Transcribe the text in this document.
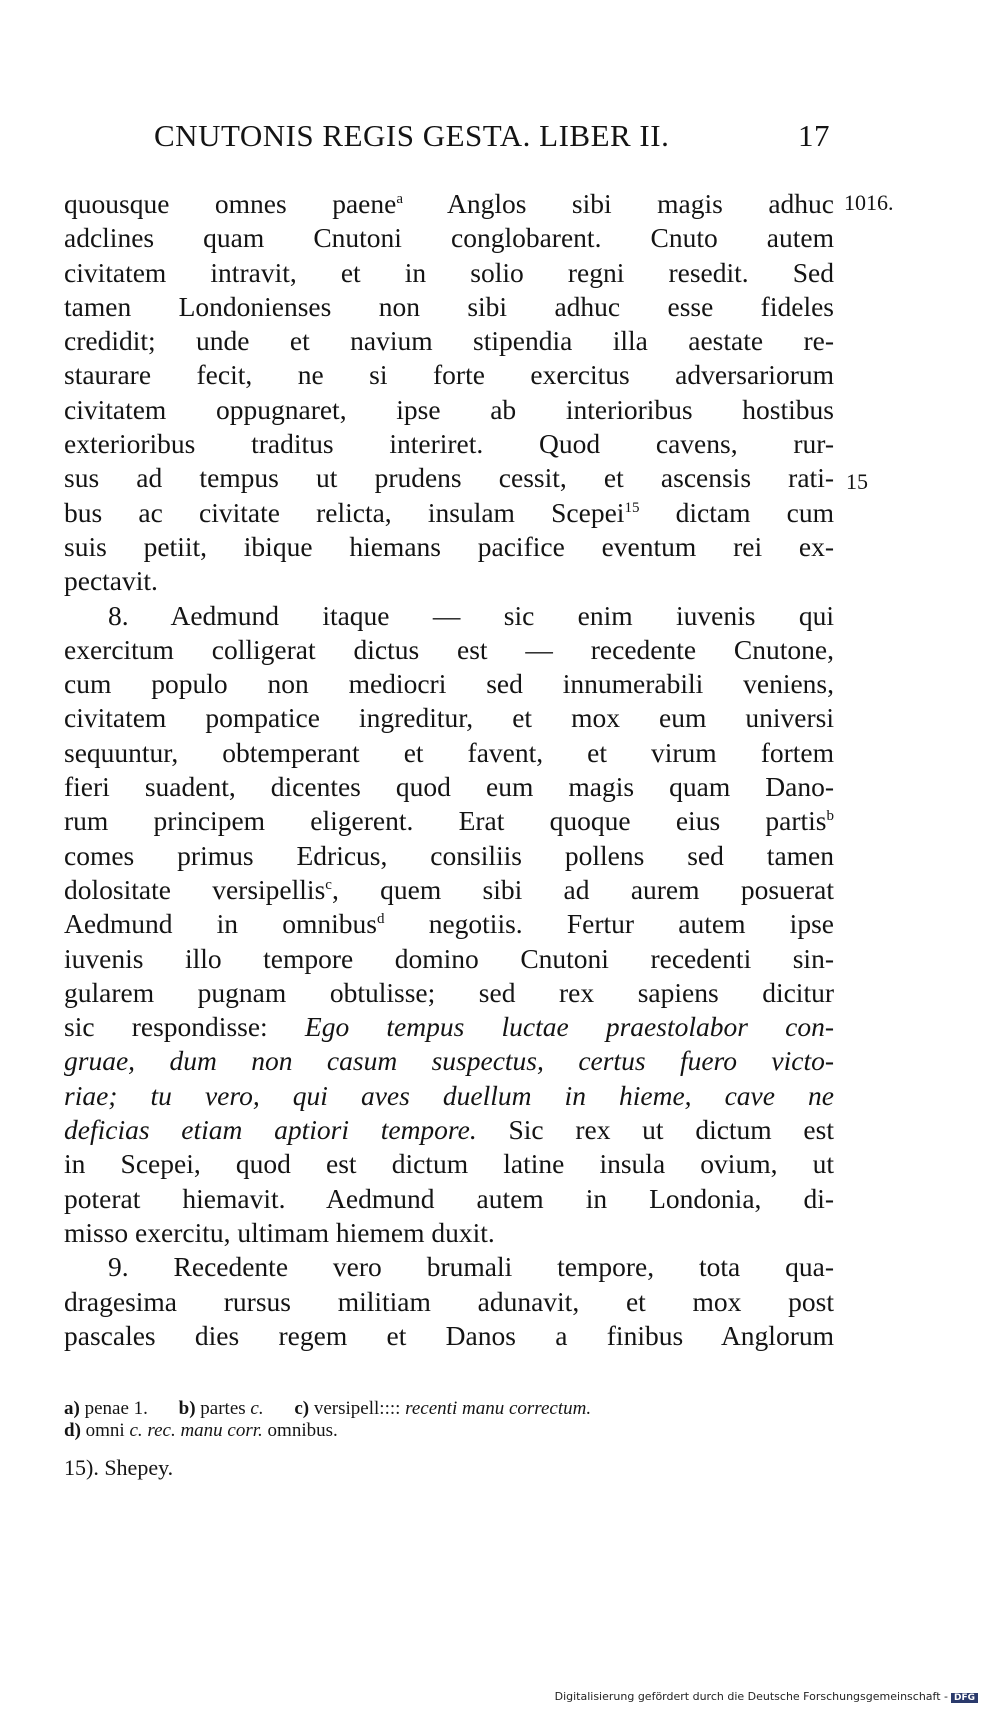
CNUTONIS REGIS GESTA. LIBER II.	17
1016.
15
quousque omnes paene$^a$ Anglos sibi magis adhuc
adclines quam Cnutoni conglobarent. Cnuto autem
civitatem intravit, et in solio regni resedit. Sed
tamen Londonienses non sibi adhuc esse fideles
credidit; unde et navium stipendia illa aestate re-
staurare fecit, ne si forte exercitus adversariorum
civitatem oppugnaret, ipse ab interioribus hostibus
exterioribus traditus interiret. Quod cavens, rur-
sus ad tempus ut prudens cessit, et ascensis rati-
bus ac civitate relicta, insulam Scepei$^{15}$ dictam cum
suis petiit, ibique hiemans pacifice eventum rei ex-
pectavit.
8. Aedmund itaque — sic enim iuvenis qui
exercitum colligerat dictus est — recedente Cnutone,
cum populo non mediocri sed innumerabili veniens,
civitatem pompatice ingreditur, et mox eum universi
sequuntur, obtemperant et favent, et virum fortem
fieri suadent, dicentes quod eum magis quam Dano-
rum principem eligerent. Erat quoque eius partis$^b$
comes primus Edricus, consiliis pollens sed tamen
dolositate versipellis$^c$, quem sibi ad aurem posuerat
Aedmund in omnibus$^d$ negotiis. Fertur autem ipse
iuvenis illo tempore domino Cnutoni recedenti sin-
gularem pugnam obtulisse; sed rex sapiens dicitur
sic respondisse: Ego tempus luctae praestolabor con-
gruae, dum non casum suspectus, certus fuero victo-
riae; tu vero, qui aves duellum in hieme, cave ne
deficias etiam aptiori tempore. Sic rex ut dictum est
in Scepei, quod est dictum latine insula ovium, ut
poterat hiemavit. Aedmund autem in Londonia, di-
misso exercitu, ultimam hiemem duxit.
9. Recedente vero brumali tempore, tota qua-
dragesima rursus militiam adunavit, et mox post
pascales dies regem et Danos a finibus Anglorum
a) penae 1. b) partes c. c) versipell:::: recenti manu correctum.
d) omni c. rec. manu corr. omnibus.
15). Shepey.
Digitalisierung gefördert durch die Deutsche Forschungsgemeinschaft - DFG
